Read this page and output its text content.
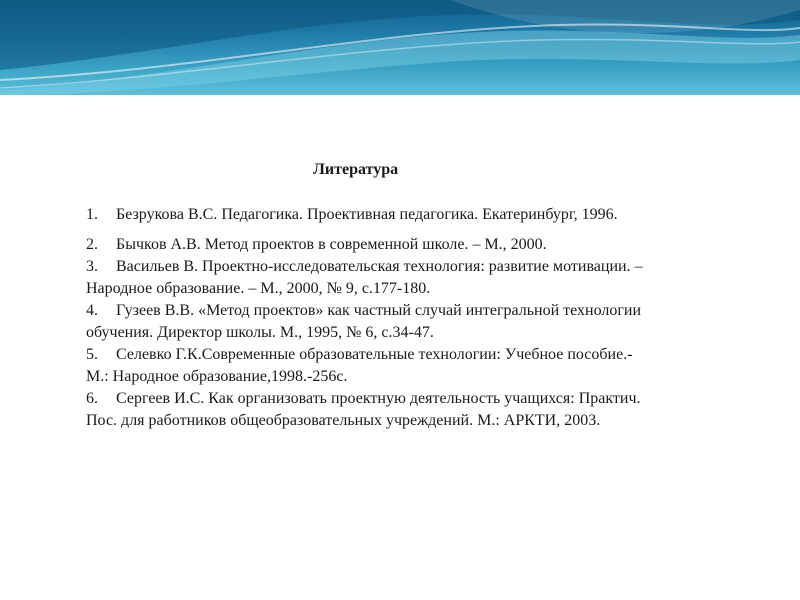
Литература

1. Безрукова В.С. Педагогика. Проективная педагогика. Екатеринбург, 1996.

2. Бычков А.В. Метод проектов в современной школе. – М., 2000.

3. Васильев В. Проектно-исследовательская технология: развитие мотивации. – Народное образование. – М., 2000, № 9, с.177-180.

4. Гузеев В.В. «Метод проектов» как частный случай интегральной технологии обучения. Директор школы. М., 1995, № 6, с.34-47.

5. Селевко Г.К.Современные образовательные технологии: Учебное пособие.-М.: Народное образование,1998.-256с.

6. Сергеев И.С. Как организовать проектную деятельность учащихся: Практич. Пос. для работников общеобразовательных учреждений. М.: АРКТИ, 2003.
